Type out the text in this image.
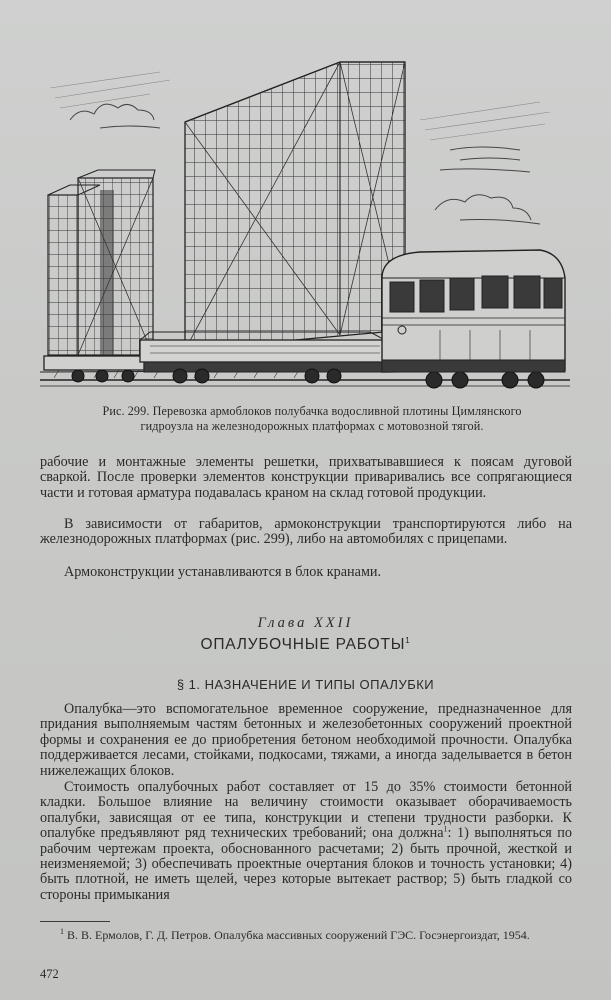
Рис. 299. Перевозка армоблоков полубачка водосливной плотины Цимлянского
гидроузла на железнодорожных платформах с мотовозной тягой.

рабочие и монтажные элементы решетки, прихватывавшиеся к поясам дуговой сваркой. После проверки элементов конструкции приваривались все сопрягающиеся части и готовая арматура подавалась краном на склад готовой продукции.

В зависимости от габаритов, армоконструкции транспортируются либо на железнодорожных платформах (рис. 299), либо на автомобилях с прицепами.

Армоконструкции устанавливаются в блок кранами.

Глава XXII
ОПАЛУБОЧНЫЕ РАБОТЫ$^1$
§ 1. НАЗНАЧЕНИЕ И ТИПЫ ОПАЛУБКИ

Опалубка—это вспомогательное временное сооружение, предназначенное для придания выполняемым частям бетонных и железобетонных сооружений проектной формы и сохранения ее до приобретения бетоном необходимой прочности. Опалубка поддерживается лесами, стойками, подкосами, тяжами, а иногда заделывается в бетон нижележащих блоков.

Стоимость опалубочных работ составляет от 15 до 35% стоимости бетонной кладки. Большое влияние на величину стоимости оказывает оборачиваемость опалубки, зависящая от ее типа, конструкции и степени трудности разборки. К опалубке предъявляют ряд технических требований; она должна$^1$: 1) выполняться по рабочим чертежам проекта, обоснованного расчетами; 2) быть прочной, жесткой и неизменяемой; 3) обеспечивать проектные очертания блоков и точность установки; 4) быть плотной, не иметь щелей, через которые вытекает раствор; 5) быть гладкой со стороны примыкания

$^1$ В. В. Ермолов, Г. Д. Петров. Опалубка массивных сооружений ГЭС. Госэнергоиздат, 1954.
472
